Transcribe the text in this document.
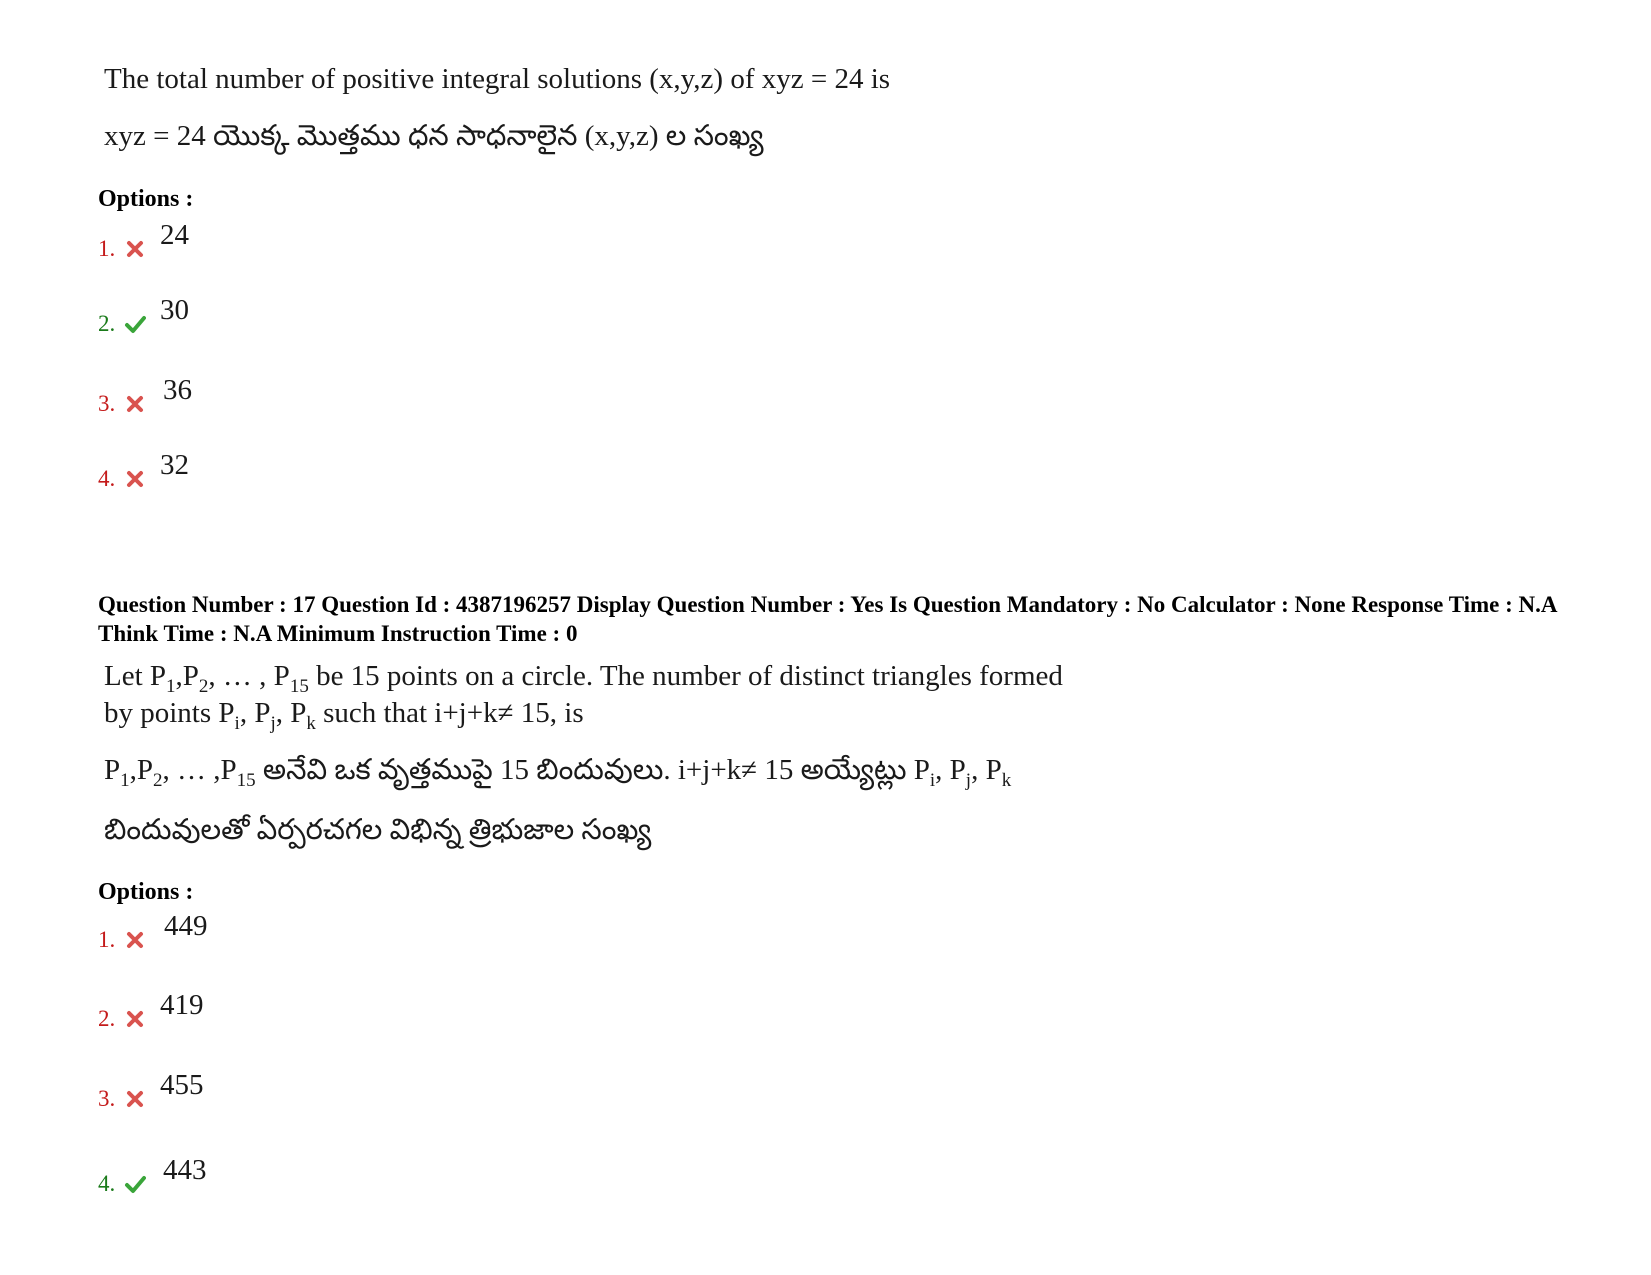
The total number of positive integral solutions (x,y,z) of xyz = 24 is
xyz = 24 యొక్క మొత్తము ధన సాధనాలైన (x,y,z) ల సంఖ్య
Options :
1. 24
2. 30
3. 36
4. 32
Question Number : 17 Question Id : 4387196257 Display Question Number : Yes Is Question Mandatory : No Calculator : None Response Time : N.A Think Time : N.A Minimum Instruction Time : 0
Let $P_1,P_2$, … , $P_{15}$ be 15 points on a circle. The number of distinct triangles formed
by points $P_i$, $P_j$, $P_k$ such that i+j+k≠ 15, is
$P_1,P_2$, … $,P_{15}$ అనేవి ఒక వృత్తముపై 15 బిందువులు. i+j+k≠ 15 అయ్యేట్లు $P_i$, $P_j$, $P_k$
బిందువులతో ఏర్పరచగల విభిన్న త్రిభుజాల సంఖ్య
Options :
1. 449
2. 419
3. 455
4. 443
